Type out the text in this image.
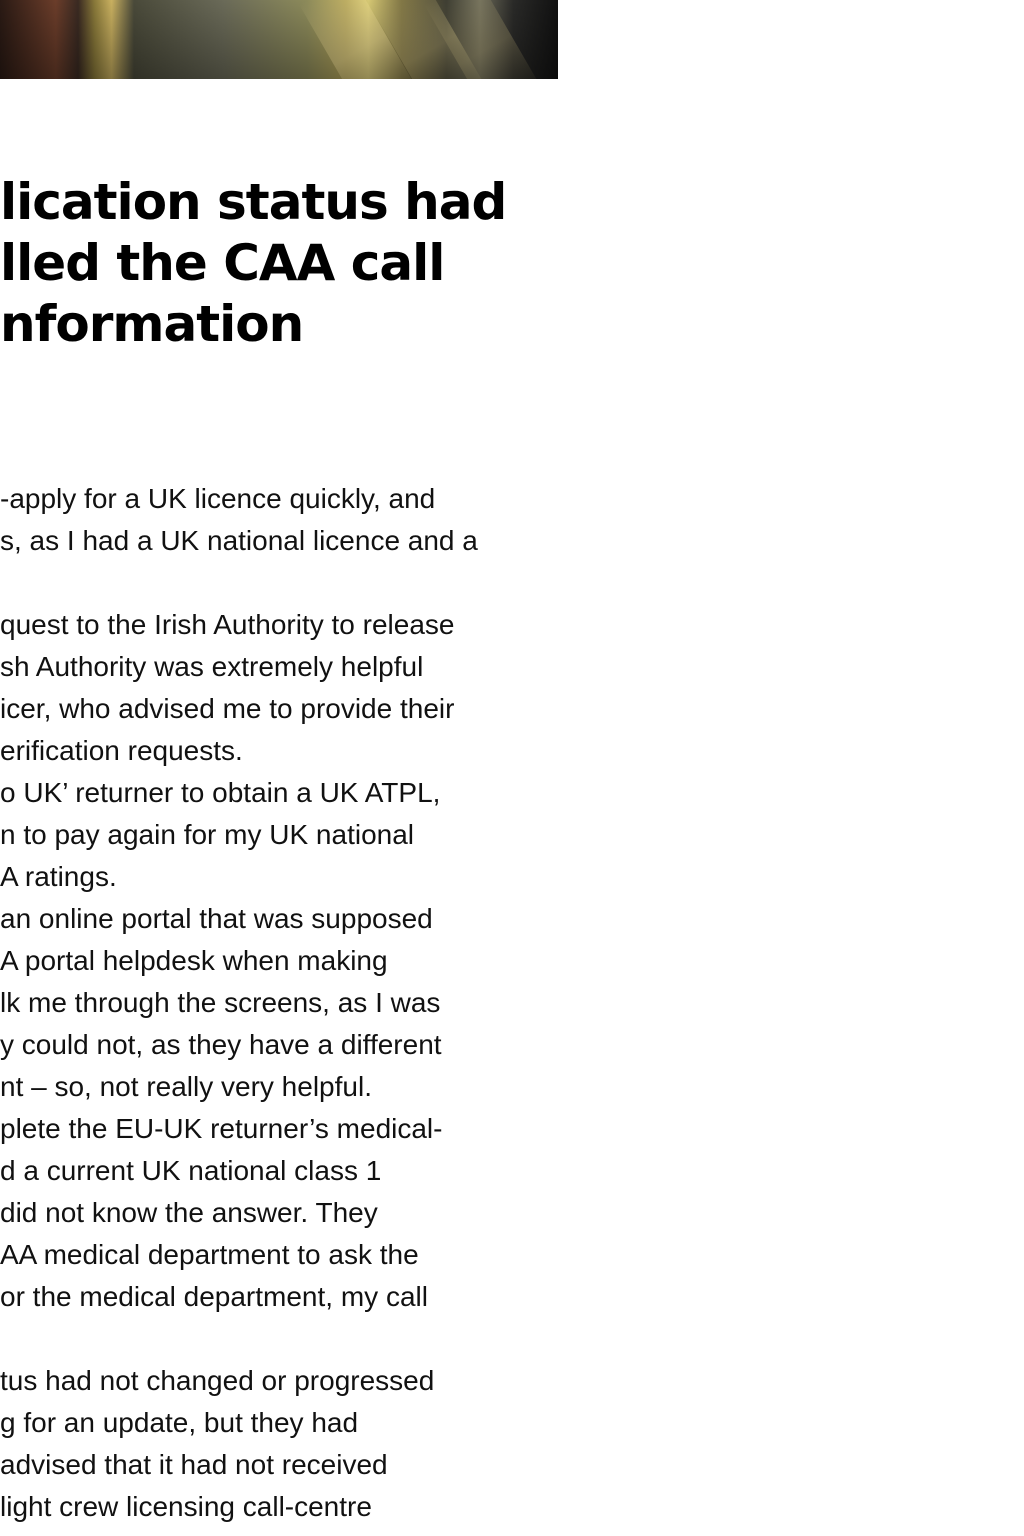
lication status had
lled the CAA call
nformation
-apply for a UK licence quickly, and
s, as I had a UK national licence and a
quest to the Irish Authority to release
sh Authority was extremely helpful
icer, who advised me to provide their
erification requests.
o UK’ returner to obtain a UK ATPL,
n to pay again for my UK national
A ratings.
an online portal that was supposed
A portal helpdesk when making
lk me through the screens, as I was
y could not, as they have a different
nt – so, not really very helpful.
plete the EU-UK returner’s medical-
d a current UK national class 1
did not know the answer. They
AA medical department to ask the
or the medical department, my call
tus had not changed or progressed
g for an update, but they had
advised that it had not received
light crew licensing call-centre
